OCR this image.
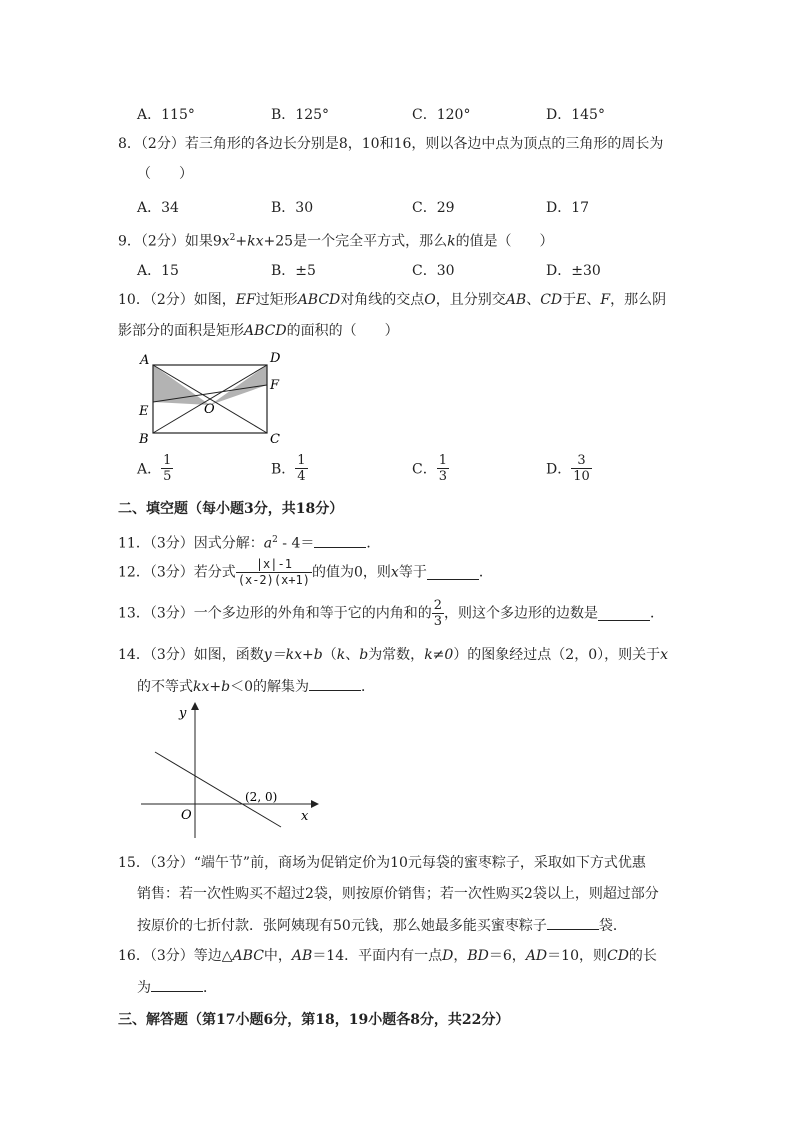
A．115°	B．125°	C．120°	D．145°
8．（2分）若三角形的各边长分别是8，10和16，则以各边中点为顶点的三角形的周长为
（　　）
A．34	B．30	C．29	D．17
9．（2分）如果$9x^2+kx+25$是一个完全平方式，那么k的值是（　　）
A．15	B．±5	C．30	D．±30
10．（2分）如图，EF过矩形ABCD对角线的交点O，且分别交AB、CD于E、F，那么阴
影部分的面积是矩形ABCD的面积的（　　）
A	D
F
E	O
B	C
A． $\frac{1}{5}$	B． $\frac{1}{4}$	C． $\frac{1}{3}$	D． $\frac{3}{10}$
二、填空题（每小题3分，共18分）
11．（3分）因式分解：$a^2 - 4=$	．
12．（3分）若分式 $\frac{|x|-1}{(x-2)(x+1)}$ 的值为0，则x等于	．
13．（3分）一个多边形的外角和等于它的内角和的 $\frac{2}{3}$ ，则这个多边形的边数是	．
14．（3分）如图，函数y＝kx+b（k、b为常数，k≠0）的图象经过点（2，0），则关于x
的不等式kx+b＜0的解集为	．
y
x
O
(2, 0)
15．（3分）“端午节”前，商场为促销定价为10元每袋的蜜枣粽子，采取如下方式优惠
销售：若一次性购买不超过2袋，则按原价销售；若一次性购买2袋以上，则超过部分
按原价的七折付款．张阿姨现有50元钱，那么她最多能买蜜枣粽子	袋．
16．（3分）等边△ABC中，AB＝14．平面内有一点D，BD＝6，AD＝10，则CD的长
为	．
三、解答题（第17小题6分，第18，19小题各8分，共22分）
